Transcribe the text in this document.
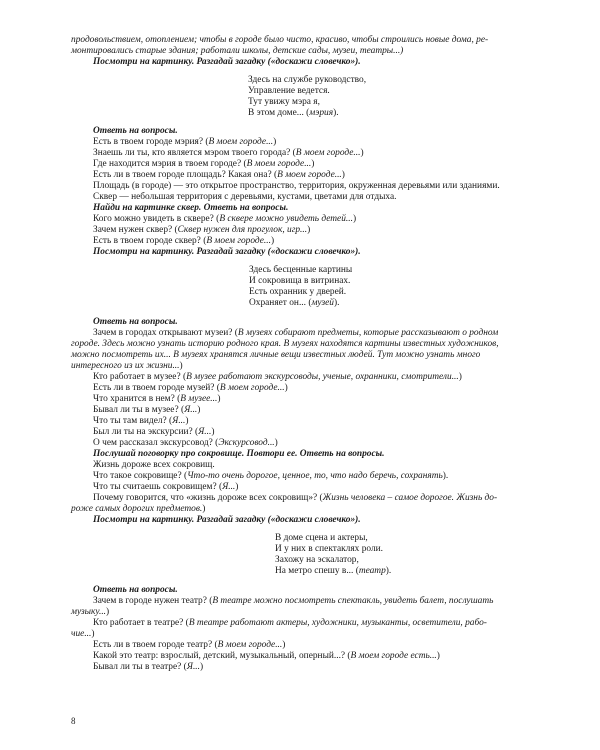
продовольствием, отоплением; чтобы в городе было чисто, красиво, чтобы строились новые дома, ре-
монтировались старые здания; работали школы, детские сады, музеи, театры...)
Посмотри на картинку. Разгадай загадку («доскажи словечко»).
Здесь на службе руководство,
Управление ведется.
Тут увижу мэра я,
В этом доме... (мэрия).
Ответь на вопросы.
Есть в твоем городе мэрия? (В моем городе...)
Знаешь ли ты, кто является мэром твоего города? (В моем городе...)
Где находится мэрия в твоем городе? (В моем городе...)
Есть ли в твоем городе площадь? Какая она? (В моем городе...)
Площадь (в городе) — это открытое пространство, территория, окруженная деревьями или зданиями.
Сквер — небольшая территория с деревьями, кустами, цветами для отдыха.
Найди на картинке сквер. Ответь на вопросы.
Кого можно увидеть в сквере? (В сквере можно увидеть детей...)
Зачем нужен сквер? (Сквер нужен для прогулок, игр...)
Есть в твоем городе сквер? (В моем городе...)
Посмотри на картинку. Разгадай загадку («доскажи словечко»).
Здесь бесценные картины
И сокровища в витринах.
Есть охранник у дверей.
Охраняет он... (музей).
Ответь на вопросы.
Зачем в городах открывают музеи? (В музеях собирают предметы, которые рассказывают о родном
городе. Здесь можно узнать историю родного края. В музеях находятся картины известных художников,
можно посмотреть их... В музеях хранятся личные вещи известных людей. Тут можно узнать много
интересного из их жизни...)
Кто работает в музее? (В музее работают экскурсоводы, ученые, охранники, смотрители...)
Есть ли в твоем городе музей? (В моем городе...)
Что хранится в нем? (В музее...)
Бывал ли ты в музее? (Я...)
Что ты там видел? (Я...)
Был ли ты на экскурсии? (Я...)
О чем рассказал экскурсовод? (Экскурсовод...)
Послушай поговорку про сокровище. Повтори ее. Ответь на вопросы.
Жизнь дороже всех сокровищ.
Что такое сокровище? (Что-то очень дорогое, ценное, то, что надо беречь, сохранять).
Что ты считаешь сокровищем? (Я...)
Почему говорится, что «жизнь дороже всех сокровищ»? (Жизнь человека – самое дорогое. Жизнь до-
роже самых дорогих предметов.)
Посмотри на картинку. Разгадай загадку («доскажи словечко»).
В доме сцена и актеры,
И у них в спектаклях роли.
Захожу на эскалатор,
На метро спешу в... (театр).
Ответь на вопросы.
Зачем в городе нужен театр? (В театре можно посмотреть спектакль, увидеть балет, послушать
музыку...)
Кто работает в театре? (В театре работают актеры, художники, музыканты, осветители, рабо-
чие...)
Есть ли в твоем городе театр? (В моем городе...)
Какой это театр: взрослый, детский, музыкальный, оперный...? (В моем городе есть...)
Бывал ли ты в театре? (Я...)
8
